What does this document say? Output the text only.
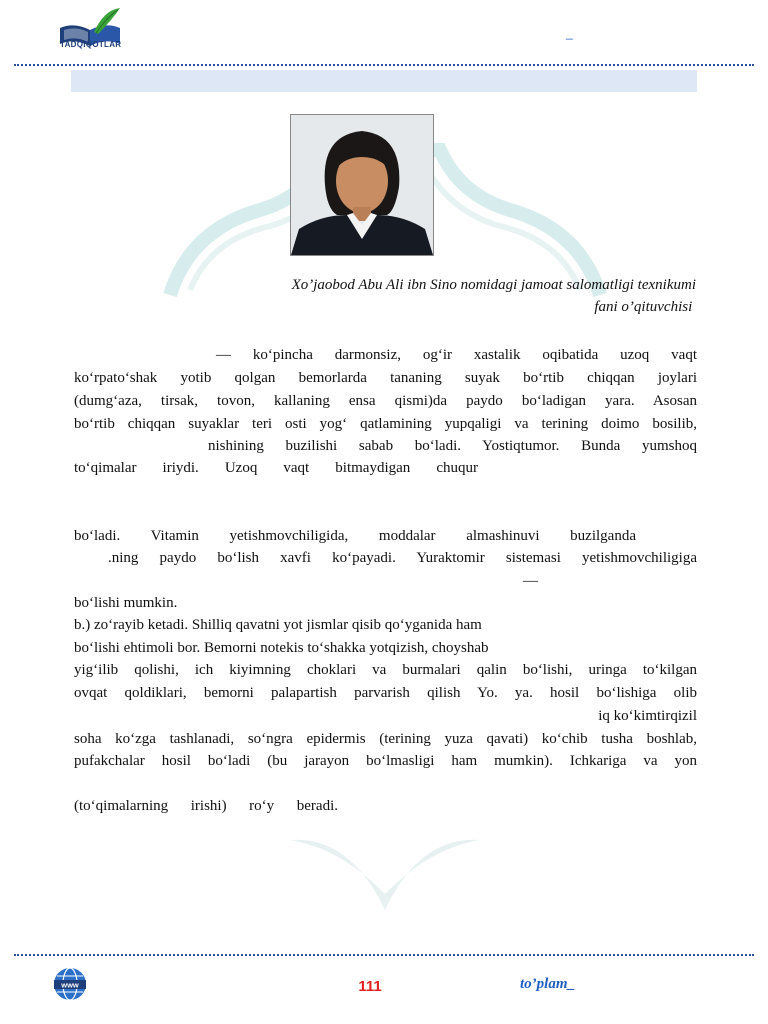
TADQIQOTLAR
_
Xo’jaobod Abu Ali ibn Sino nomidagi jamoat salomatligi texnikumi
fani o’qituvchisi
— ko‘pincha darmonsiz, og‘ir xastalik oqibatida uzoq vaqt
ko‘rpato‘shak yotib qolgan bemorlarda tananing suyak bo‘rtib chiqqan joylari
(dumg‘aza, tirsak, tovon, kallaning ensa qismi)da paydo bo‘ladigan yara. Asosan
bo‘rtib chiqqan suyaklar teri osti yog‘ qatlamining yupqaligi va terining doimo bosilib,
nishining buzilishi sabab bo‘ladi. Yostiqtumor. Bunda yumshoq
to‘qimalar iriydi. Uzoq vaqt bitmaydigan chuqur
bo‘ladi. Vitamin yetishmovchiligida, moddalar almashinuvi buzilganda
.ning paydo bo‘lish xavfi ko‘payadi. Yuraktomir sistemasi yetishmovchiligiga
—
bo‘lishi mumkin.
b.) zo‘rayib ketadi. Shilliq qavatni yot jismlar qisib qo‘yganida ham
bo‘lishi ehtimoli bor. Bemorni notekis to‘shakka yotqizish, choyshab
yig‘ilib qolishi, ich kiyimning choklari va burmalari qalin bo‘lishi, uringa to‘kilgan
ovqat qoldiklari, bemorni palapartish parvarish qilish Yo. ya. hosil bo‘lishiga olib
iq ko‘kimtirqizil
soha ko‘zga tashlanadi, so‘ngra epidermis (terining yuza qavati) ko‘chib tusha boshlab,
pufakchalar hosil bo‘ladi (bu jarayon bo‘lmasligi ham mumkin). Ichkariga va yon
(to‘qimalarning irishi) ro‘y beradi.
www	111	to’plam_
